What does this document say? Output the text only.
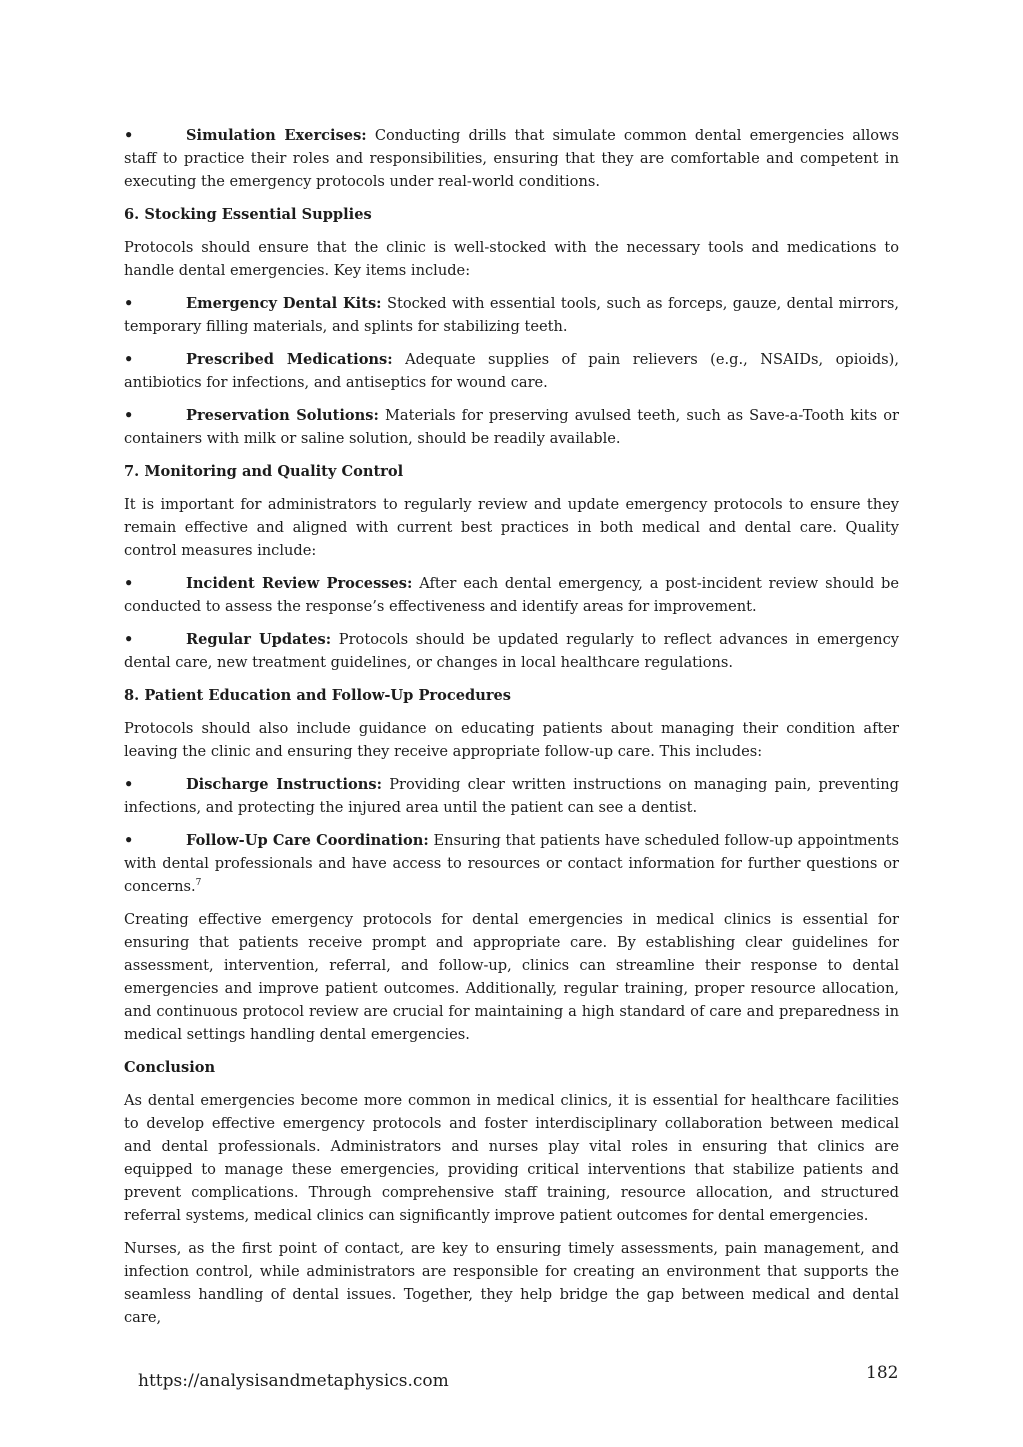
•	Simulation Exercises: Conducting drills that simulate common dental emergencies allows staff to practice their roles and responsibilities, ensuring that they are comfortable and competent in executing the emergency protocols under real-world conditions.

6. Stocking Essential Supplies

Protocols should ensure that the clinic is well-stocked with the necessary tools and medications to handle dental emergencies. Key items include:

•	Emergency Dental Kits: Stocked with essential tools, such as forceps, gauze, dental mirrors, temporary filling materials, and splints for stabilizing teeth.

•	Prescribed Medications: Adequate supplies of pain relievers (e.g., NSAIDs, opioids), antibiotics for infections, and antiseptics for wound care.

•	Preservation Solutions: Materials for preserving avulsed teeth, such as Save-a-Tooth kits or containers with milk or saline solution, should be readily available.

7. Monitoring and Quality Control

It is important for administrators to regularly review and update emergency protocols to ensure they remain effective and aligned with current best practices in both medical and dental care. Quality control measures include:

•	Incident Review Processes: After each dental emergency, a post-incident review should be conducted to assess the response’s effectiveness and identify areas for improvement.

•	Regular Updates: Protocols should be updated regularly to reflect advances in emergency dental care, new treatment guidelines, or changes in local healthcare regulations.

8. Patient Education and Follow-Up Procedures

Protocols should also include guidance on educating patients about managing their condition after leaving the clinic and ensuring they receive appropriate follow-up care. This includes:

•	Discharge Instructions: Providing clear written instructions on managing pain, preventing infections, and protecting the injured area until the patient can see a dentist.

•	Follow-Up Care Coordination: Ensuring that patients have scheduled follow-up appointments with dental professionals and have access to resources or contact information for further questions or concerns.$^7$

Creating effective emergency protocols for dental emergencies in medical clinics is essential for ensuring that patients receive prompt and appropriate care. By establishing clear guidelines for assessment, intervention, referral, and follow-up, clinics can streamline their response to dental emergencies and improve patient outcomes. Additionally, regular training, proper resource allocation, and continuous protocol review are crucial for maintaining a high standard of care and preparedness in medical settings handling dental emergencies.

Conclusion

As dental emergencies become more common in medical clinics, it is essential for healthcare facilities to develop effective emergency protocols and foster interdisciplinary collaboration between medical and dental professionals. Administrators and nurses play vital roles in ensuring that clinics are equipped to manage these emergencies, providing critical interventions that stabilize patients and prevent complications. Through comprehensive staff training, resource allocation, and structured referral systems, medical clinics can significantly improve patient outcomes for dental emergencies.

Nurses, as the first point of contact, are key to ensuring timely assessments, pain management, and infection control, while administrators are responsible for creating an environment that supports the seamless handling of dental issues. Together, they help bridge the gap between medical and dental care,

https://analysisandmetaphysics.com	182
